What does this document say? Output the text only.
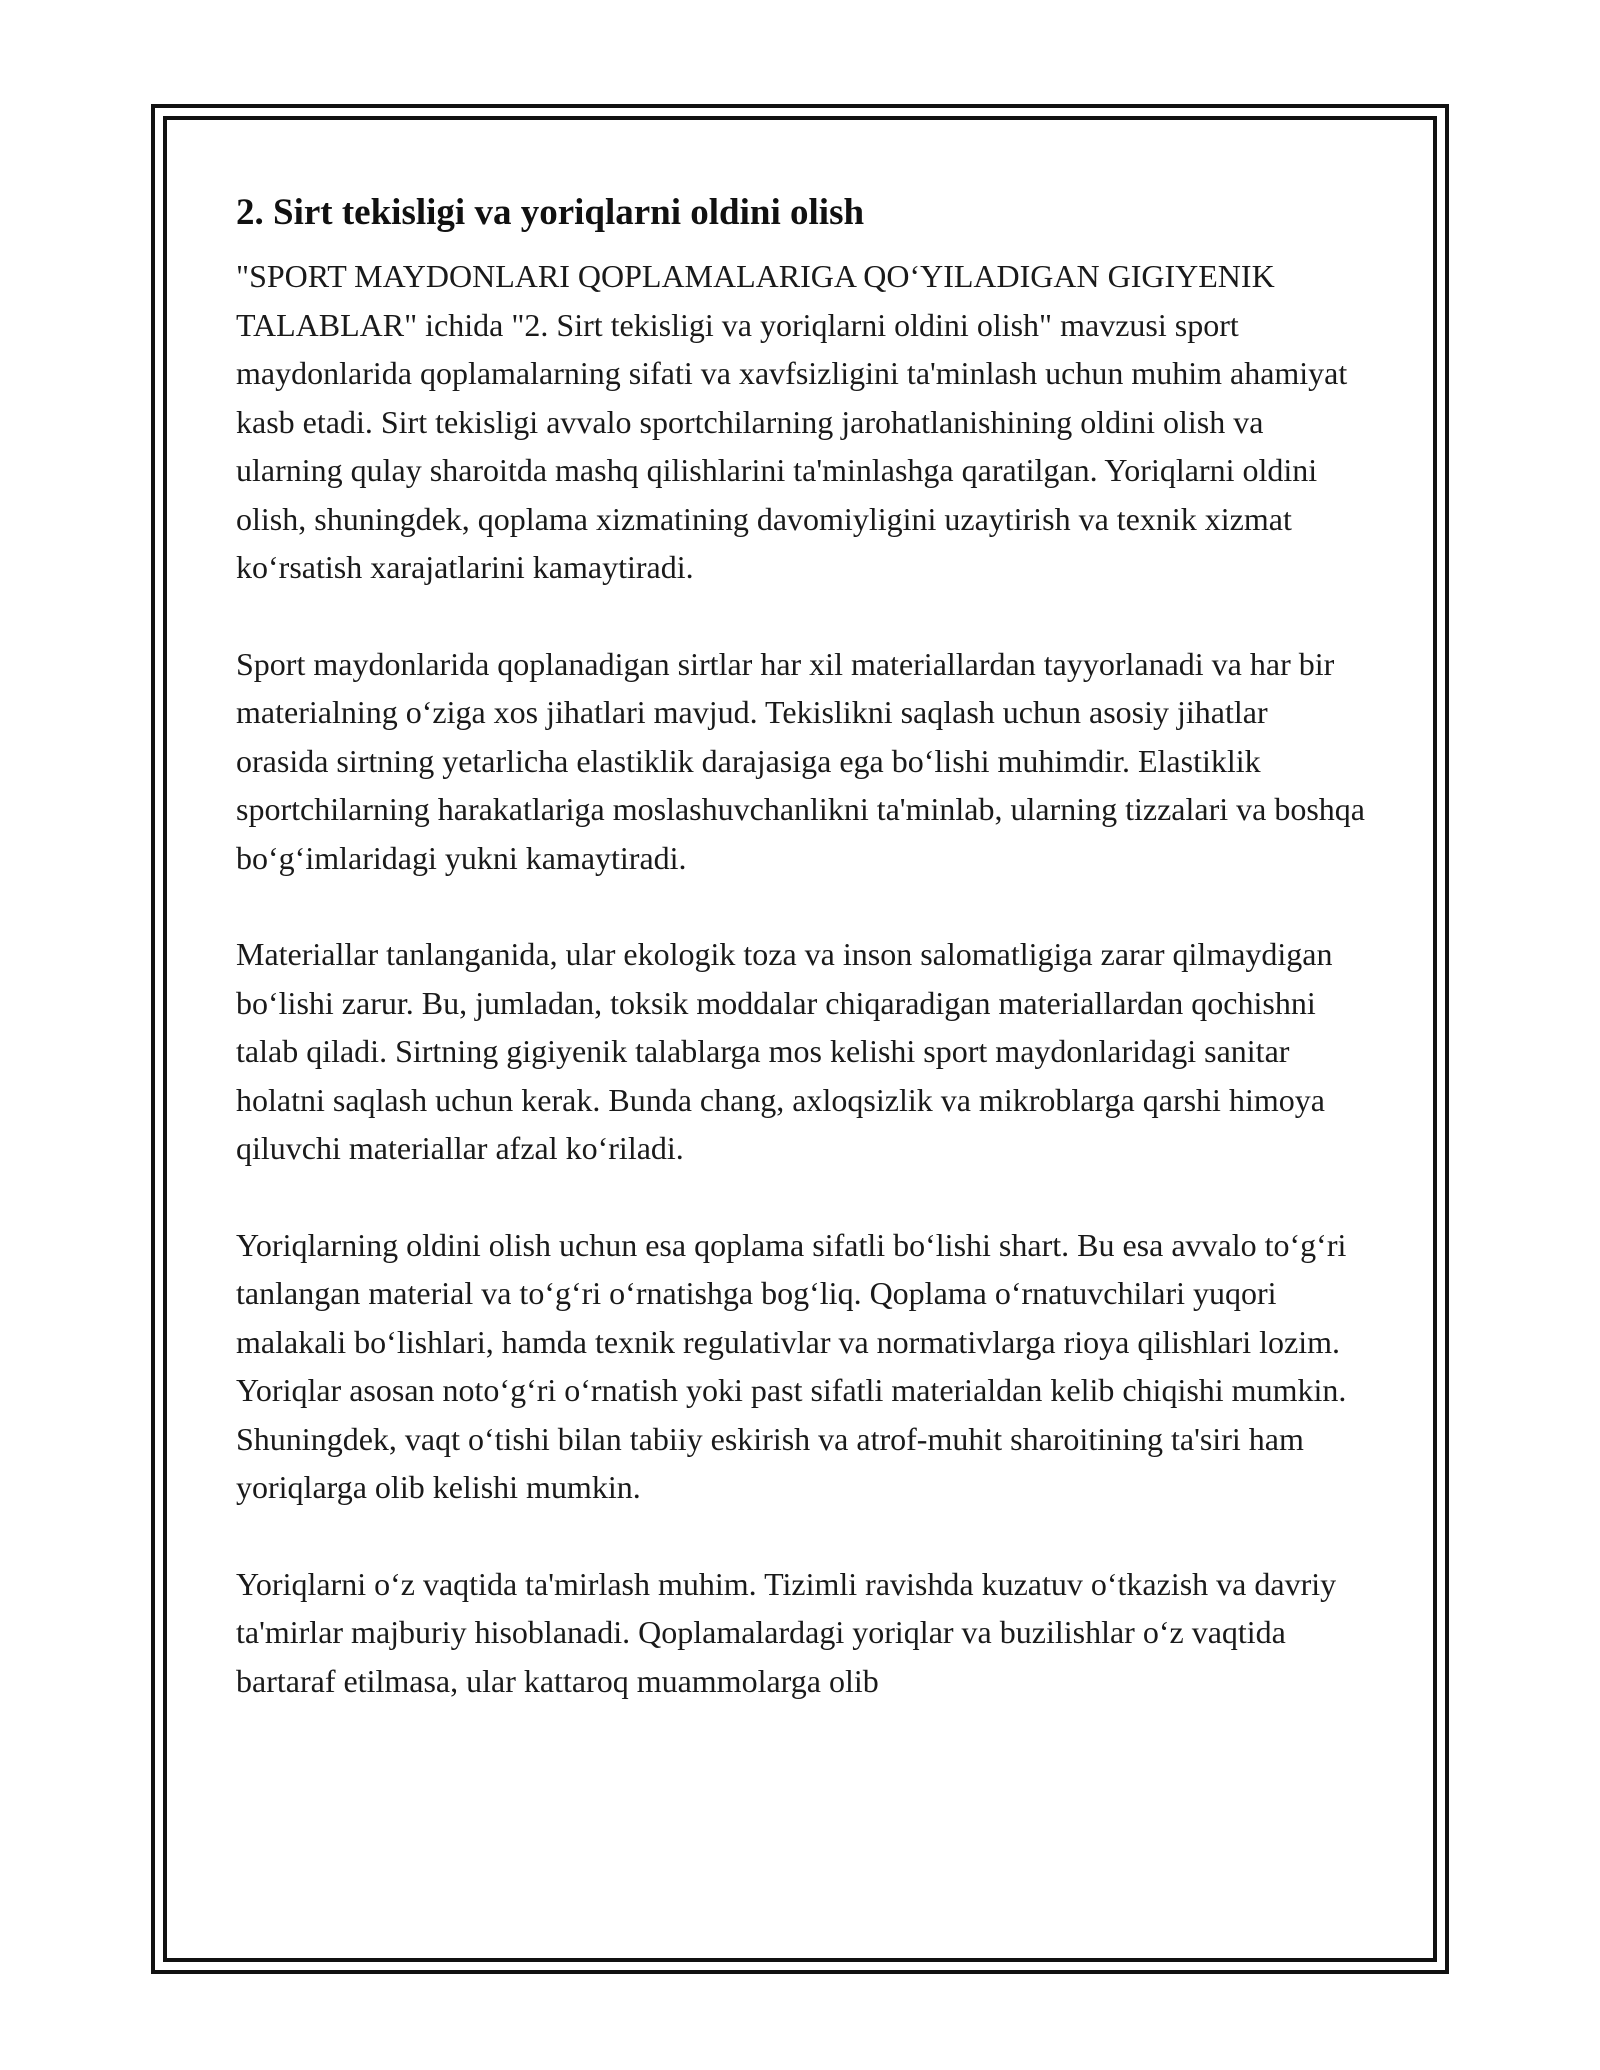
2. Sirt tekisligi va yoriqlarni oldini olish

"SPORT MAYDONLARI QOPLAMALARIGA QOʻYILADIGAN GIGIYENIK TALABLAR" ichida "2. Sirt tekisligi va yoriqlarni oldini olish" mavzusi sport maydonlarida qoplamalarning sifati va xavfsizligini ta'minlash uchun muhim ahamiyat kasb etadi. Sirt tekisligi avvalo sportchilarning jarohatlanishining oldini olish va ularning qulay sharoitda mashq qilishlarini ta'minlashga qaratilgan. Yoriqlarni oldini olish, shuningdek, qoplama xizmatining davomiyligini uzaytirish va texnik xizmat koʻrsatish xarajatlarini kamaytiradi.

Sport maydonlarida qoplanadigan sirtlar har xil materiallardan tayyorlanadi va har bir materialning oʻziga xos jihatlari mavjud. Tekislikni saqlash uchun asosiy jihatlar orasida sirtning yetarlicha elastiklik darajasiga ega boʻlishi muhimdir. Elastiklik sportchilarning harakatlariga moslashuvchanlikni ta'minlab, ularning tizzalari va boshqa boʻgʻimlaridagi yukni kamaytiradi.

Materiallar tanlanganida, ular ekologik toza va inson salomatligiga zarar qilmaydigan boʻlishi zarur. Bu, jumladan, toksik moddalar chiqaradigan materiallardan qochishni talab qiladi. Sirtning gigiyenik talablarga mos kelishi sport maydonlaridagi sanitar holatni saqlash uchun kerak. Bunda chang, axloqsizlik va mikroblarga qarshi himoya qiluvchi materiallar afzal koʻriladi.

Yoriqlarning oldini olish uchun esa qoplama sifatli boʻlishi shart. Bu esa avvalo toʻgʻri tanlangan material va toʻgʻri oʻrnatishga bogʻliq. Qoplama oʻrnatuvchilari yuqori malakali boʻlishlari, hamda texnik regulativlar va normativlarga rioya qilishlari lozim. Yoriqlar asosan notoʻgʻri oʻrnatish yoki past sifatli materialdan kelib chiqishi mumkin. Shuningdek, vaqt oʻtishi bilan tabiiy eskirish va atrof-muhit sharoitining ta'siri ham yoriqlarga olib kelishi mumkin.

Yoriqlarni oʻz vaqtida ta'mirlash muhim. Tizimli ravishda kuzatuv oʻtkazish va davriy ta'mirlar majburiy hisoblanadi. Qoplamalardagi yoriqlar va buzilishlar oʻz vaqtida bartaraf etilmasa, ular kattaroq muammolarga olib
